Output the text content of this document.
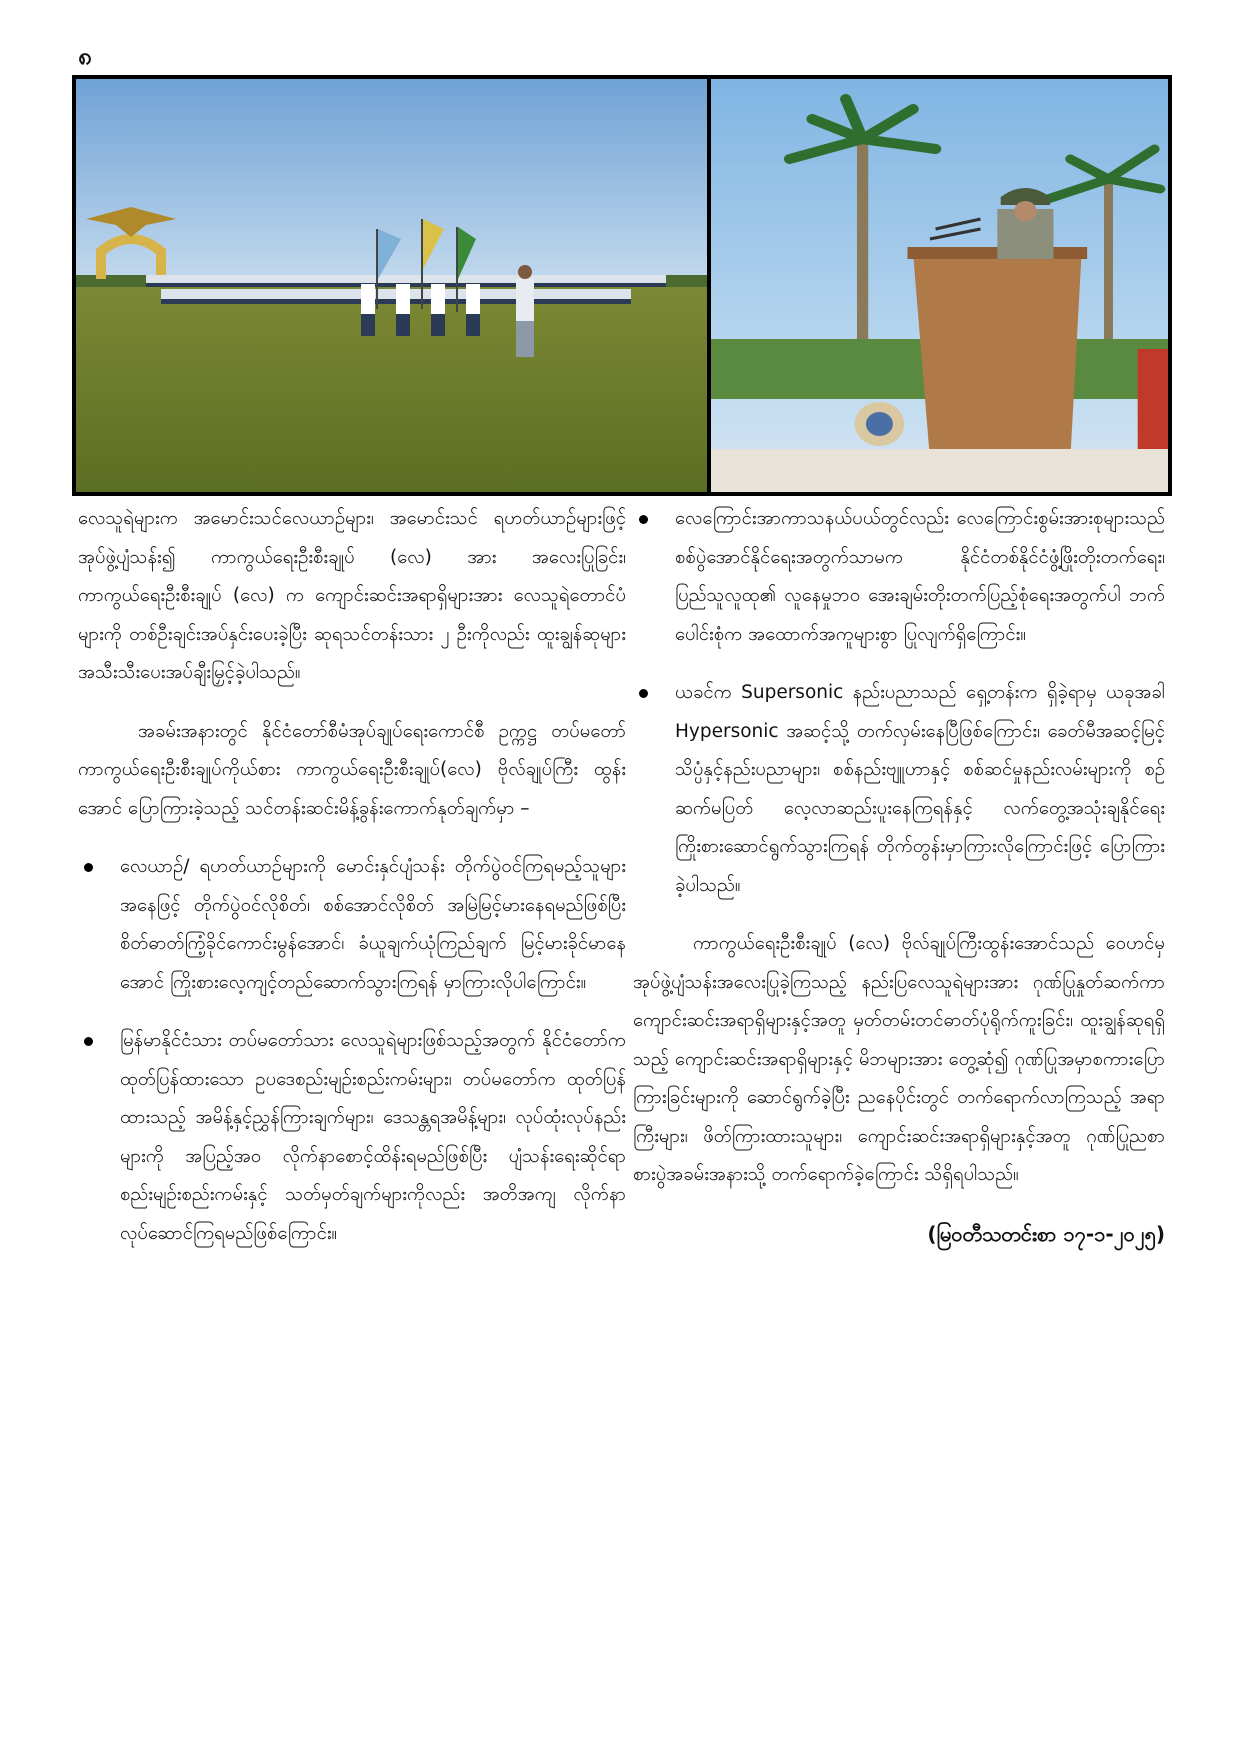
၈

လေသူရဲများက အမောင်းသင်လေယာဉ်များ၊ အမောင်းသင် ရဟတ်ယာဉ်များဖြင့် အုပ်ဖွဲ့ပျံသန်း၍ ကာကွယ်ရေးဦးစီးချုပ် (လေ) အား အလေးပြုခြင်း၊ ကာကွယ်ရေးဦးစီးချုပ် (လေ) က ကျောင်းဆင်းအရာရှိများအား လေသူရဲတောင်ပံများကို တစ်ဦးချင်းအပ်နှင်းပေးခဲ့ပြီး ဆုရသင်တန်းသား ၂ ဦးကိုလည်း ထူးချွန်ဆုများ အသီးသီးပေးအပ်ချီးမြှင့်ခဲ့ပါသည်။

အခမ်းအနားတွင် နိုင်ငံတော်စီမံအုပ်ချုပ်ရေးကောင်စီ ဥက္ကဋ္ဌ တပ်မတော်ကာကွယ်ရေးဦးစီးချုပ်ကိုယ်စား ကာကွယ်ရေးဦးစီးချုပ်(လေ) ဗိုလ်ချုပ်ကြီး ထွန်းအောင် ပြောကြားခဲ့သည့် သင်တန်းဆင်းမိန့်ခွန်းကောက်နုတ်ချက်မှာ –

လေယာဉ်/ ရဟတ်ယာဉ်များကို မောင်းနှင်ပျံသန်း တိုက်ပွဲဝင်ကြရမည့်သူများအနေဖြင့် တိုက်ပွဲဝင်လိုစိတ်၊ စစ်အောင်လိုစိတ် အမြဲမြင့်မားနေရမည်ဖြစ်ပြီး စိတ်ဓာတ်ကြံ့ခိုင်ကောင်းမွန်အောင်၊ ခံယူချက်ယုံကြည်ချက် မြင့်မားခိုင်မာနေအောင် ကြိုးစားလေ့ကျင့်တည်ဆောက်သွားကြရန် မှာကြားလိုပါကြောင်း။
မြန်မာနိုင်ငံသား တပ်မတော်သား လေသူရဲများဖြစ်သည့်အတွက် နိုင်ငံတော်က ထုတ်ပြန်ထားသော ဥပဒေစည်းမျဉ်းစည်းကမ်းများ၊ တပ်မတော်က ထုတ်ပြန်ထားသည့် အမိန့်နှင့်ညွှန်ကြားချက်များ၊ ဒေသန္တရအမိန့်များ၊ လုပ်ထုံးလုပ်နည်းများကို အပြည့်အဝ လိုက်နာစောင့်ထိန်းရမည်ဖြစ်ပြီး ပျံသန်းရေးဆိုင်ရာ စည်းမျဉ်းစည်းကမ်းနှင့် သတ်မှတ်ချက်များကိုလည်း အတိအကျ လိုက်နာလုပ်ဆောင်ကြရမည်ဖြစ်ကြောင်း။
လေကြောင်းအာကာသနယ်ပယ်တွင်လည်း လေကြောင်းစွမ်းအားစုများသည် စစ်ပွဲအောင်နိုင်ရေးအတွက်သာမက နိုင်ငံတစ်နိုင်ငံဖွံ့ဖြိုးတိုးတက်ရေး၊ ပြည်သူလူထု၏ လူနေမှုဘဝ အေးချမ်းတိုးတက်ပြည့်စုံရေးအတွက်ပါ ဘက်ပေါင်းစုံက အထောက်အကူများစွာ ပြုလျက်ရှိကြောင်း။
ယခင်က Supersonic နည်းပညာသည် ရှေ့တန်းက ရှိခဲ့ရာမှ ယခုအခါ Hypersonic အဆင့်သို့ တက်လှမ်းနေပြီဖြစ်ကြောင်း၊ ခေတ်မီအဆင့်မြင့် သိပ္ပံနှင့်နည်းပညာများ၊ စစ်နည်းဗျူဟာနှင့် စစ်ဆင်မှုနည်းလမ်းများကို စဉ်ဆက်မပြတ် လေ့လာဆည်းပူးနေကြရန်နှင့် လက်တွေ့အသုံးချနိုင်ရေး ကြိုးစားဆောင်ရွက်သွားကြရန် တိုက်တွန်းမှာကြားလိုကြောင်းဖြင့် ပြောကြားခဲ့ပါသည်။

ကာကွယ်ရေးဦးစီးချုပ် (လေ) ဗိုလ်ချုပ်ကြီးထွန်းအောင်သည် ဝေဟင်မှ အုပ်ဖွဲ့ပျံသန်းအလေးပြုခဲ့ကြသည့် နည်းပြလေသူရဲများအား ဂုဏ်ပြုနှုတ်ဆက်ကာ ကျောင်းဆင်းအရာရှိများနှင့်အတူ မှတ်တမ်းတင်ဓာတ်ပုံရိုက်ကူးခြင်း၊ ထူးချွန်ဆုရရှိသည့် ကျောင်းဆင်းအရာရှိများနှင့် မိဘများအား တွေ့ဆုံ၍ ဂုဏ်ပြုအမှာစကားပြောကြားခြင်းများကို ဆောင်ရွက်ခဲ့ပြီး ညနေပိုင်းတွင် တက်ရောက်လာကြသည့် အရာကြီးများ၊ ဖိတ်ကြားထားသူများ၊ ကျောင်းဆင်းအရာရှိများနှင့်အတူ ဂုဏ်ပြုညစာစားပွဲအခမ်းအနားသို့ တက်ရောက်ခဲ့ကြောင်း သိရှိရပါသည်။

(မြဝတီသတင်းစာ ၁၇-၁-၂၀၂၅)
